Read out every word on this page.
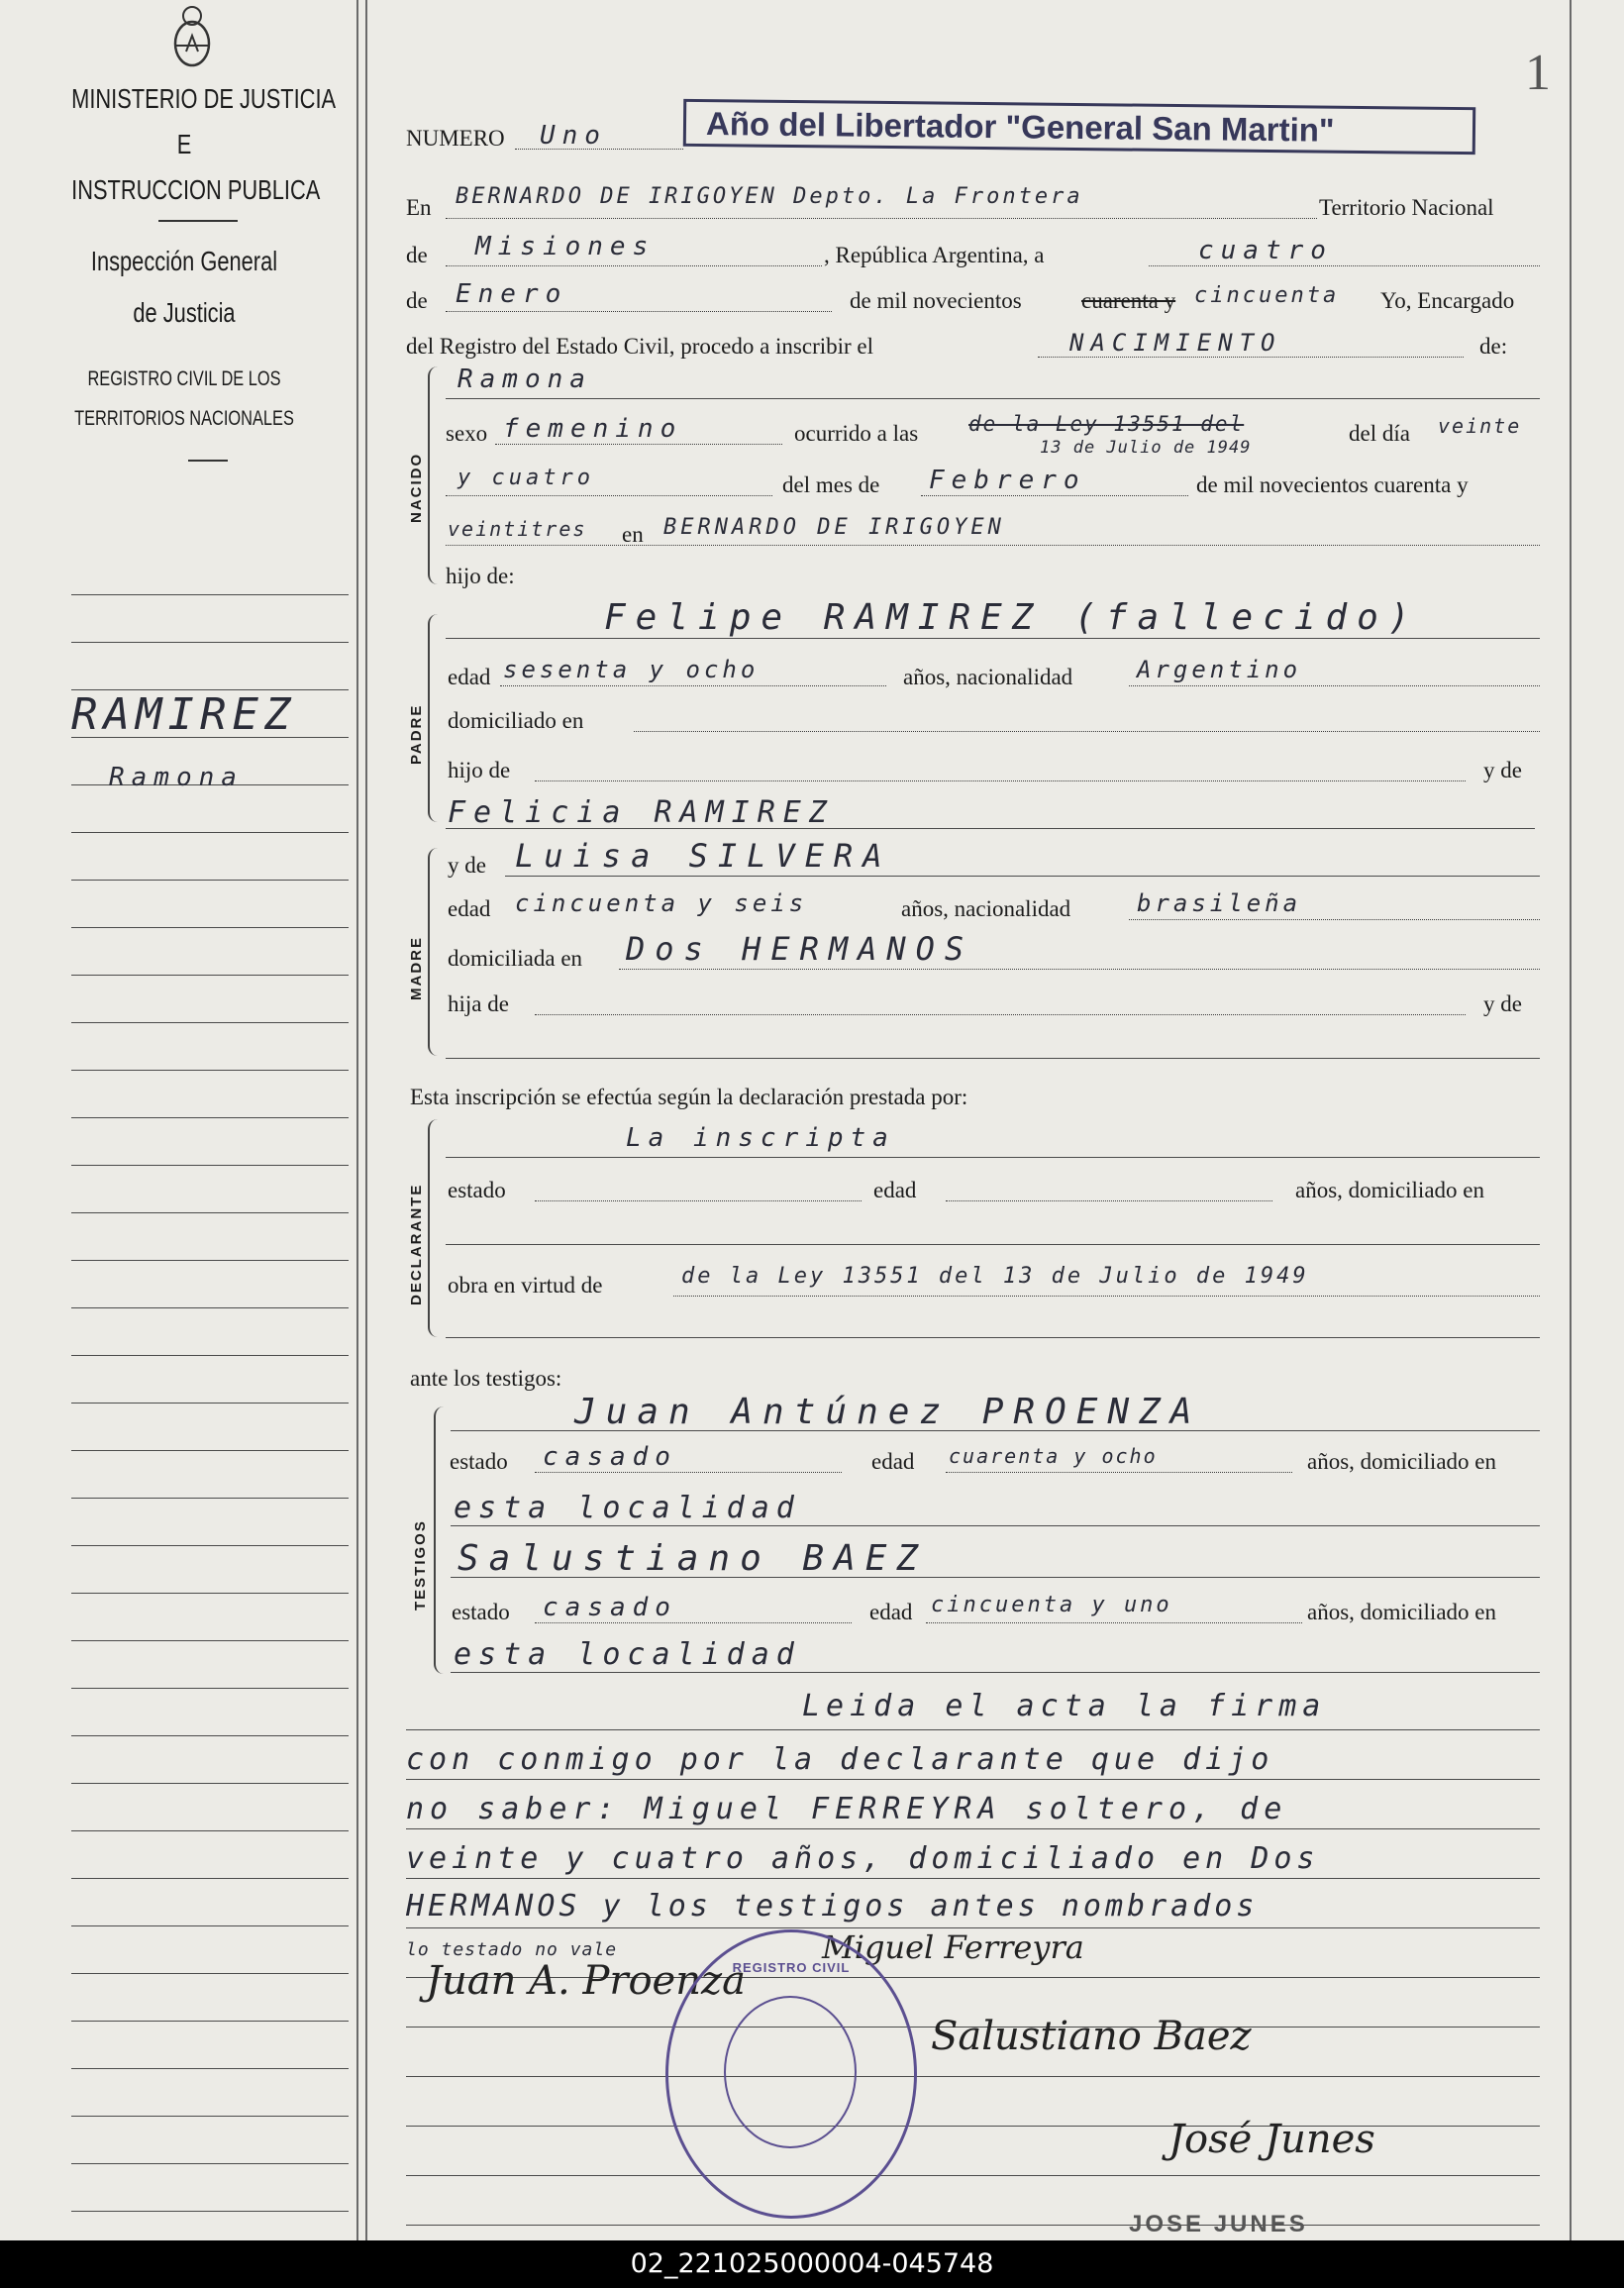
1
MINISTERIO DE JUSTICIA
E
INSTRUCCION PUBLICA
Inspección General
de Justicia
REGISTRO CIVIL DE LOS
TERRITORIOS NACIONALES
RAMIREZ
Ramona
Año del Libertador "General San Martin"
NUMERO Uno
En BERNARDO DE IRIGOYEN Depto. La Frontera	Territorio Nacional
de Misiones	, República Argentina, a	cuatro
de Enero	de mil novecientos	cuarenta y cincuenta Yo, Encargado
del Registro del Estado Civil, procedo a inscribir el	NACIMIENTO	de:
NACIDO
Ramona
sexo femenino	ocurrido a las de la Ley 13551 del
13 de Julio de 1949
del día veinte
y cuatro	del mes de Febrero	de mil novecientos cuarenta y
veintitres en BERNARDO DE IRIGOYEN
hijo de:
PADRE
Felipe RAMIREZ (fallecido)
edad sesenta y ocho	años, nacionalidad	Argentino
domiciliado en
hijo de	y de
Felicia RAMIREZ
MADRE
y de Luisa SILVERA
edad cincuenta y seis	años, nacionalidad	brasileña
domiciliada en Dos HERMANOS
hija de	y de
Esta inscripción se efectúa según la declaración prestada por:
DECLARANTE
La inscripta
estado	edad	años, domiciliado en
obra en virtud de	de la Ley 13551 del 13 de Julio de 1949
ante los testigos:
TESTIGOS
Juan Antúnez PROENZA
estado casado	edad cuarenta y ocho	años, domiciliado en
esta localidad
Salustiano BAEZ
estado casado	edad cincuenta y uno	años, domiciliado en
esta localidad
Leida el acta la firma
con conmigo por la declarante que dijo
no saber: Miguel FERREYRA soltero, de
veinte y cuatro años, domiciliado en Dos
HERMANOS y los testigos antes nombrados
lo testado no vale	Miguel Ferreyra
Juan A. Proenza
Salustiano Baez
José Junes
JOSE JUNES
REGISTRO CIVIL
02_221025000004-045748
